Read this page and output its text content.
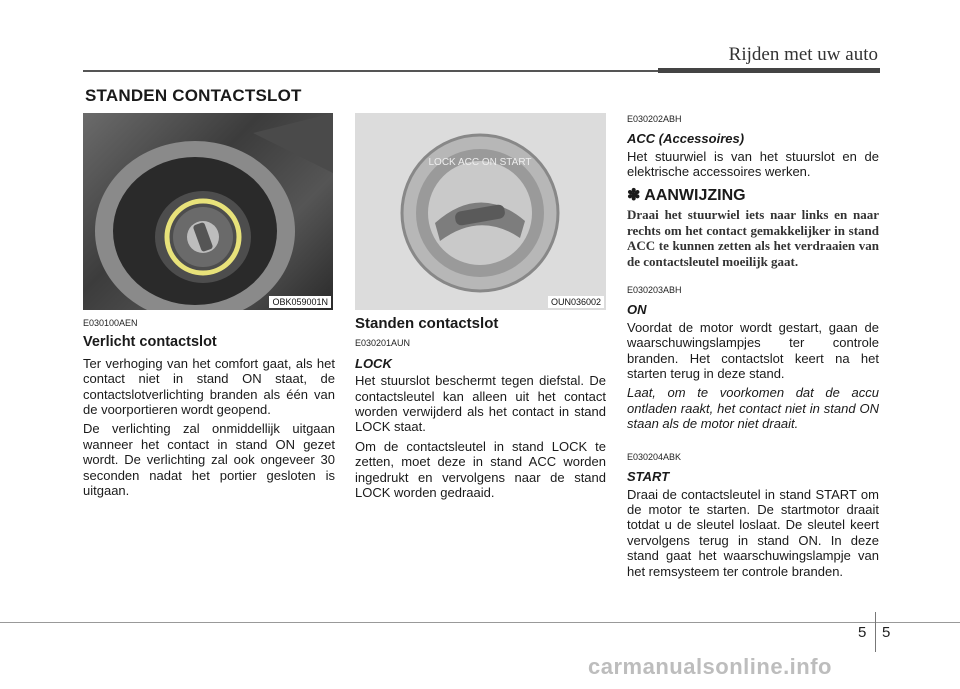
Rijden met uw auto
STANDEN CONTACTSLOT
OBK059001N
LOCK ACC ON START
OUN036002
E030100AEN
Verlicht contactslot

Ter verhoging van het comfort gaat, als het contact niet in stand ON staat, de contactslotverlichting branden als één van de voorportieren wordt geopend.

De verlichting zal onmiddellijk uitgaan wanneer het contact in stand ON gezet wordt. De verlichting zal ook ongeveer 30 seconden nadat het portier gesloten is uitgaan.

Standen contactslot
E030201AUN
LOCK

Het stuurslot beschermt tegen diefstal. De contactsleutel kan alleen uit het contact worden verwijderd als het contact in stand LOCK staat.

Om de contactsleutel in stand LOCK te zetten, moet deze in stand ACC worden ingedrukt en vervolgens naar de stand LOCK worden gedraaid.

E030202ABH
ACC (Accessoires)

Het stuurwiel is van het stuurslot en de elektrische accessoires werken.

✽ AANWIJZING

Draai het stuurwiel iets naar links en naar rechts om het contact gemakkelijker in stand ACC te kunnen zetten als het verdraaien van de contactsleutel moeilijk gaat.

E030203ABH
ON

Voordat de motor wordt gestart, gaan de waarschuwingslampjes ter controle branden. Het contactslot keert na het starten terug in deze stand.

Laat, om te voorkomen dat de accu ontladen raakt, het contact niet in stand ON staan als de motor niet draait.

E030204ABK
START

Draai de contactsleutel in stand START om de motor te starten. De startmotor draait totdat u de sleutel loslaat. De sleutel keert vervolgens terug in stand ON. In deze stand gaat het waarschuwingslampje van het remsysteem ter controle branden.

5 5
carmanualsonline.info
